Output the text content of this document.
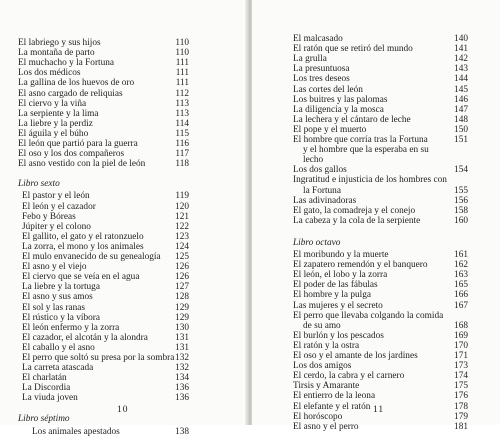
El labriego y sus hijos	110
La montaña de parto	110
El muchacho y la Fortuna	111
Los dos médicos	111
La gallina de los huevos de oro	111
El asno cargado de reliquias	112
El ciervo y la viña	113
La serpiente y la lima	113
La liebre y la perdiz	114
El águila y el búho	115
El león que partió para la guerra	116
El oso y los dos compañeros	117
El asno vestido con la piel de león	118
Libro sexto
El pastor y el león	119
El león y el cazador	120
Febo y Bóreas	121
Júpiter y el colono	122
El gallito, el gato y el ratonzuelo	123
La zorra, el mono y los animales	124
El mulo envanecido de su genealogía	125
El asno y el viejo	126
El ciervo que se veía en el agua	126
La liebre y la tortuga	127
El asno y sus amos	128
El sol y las ranas	129
El rústico y la víbora	129
El león enfermo y la zorra	130
El cazador, el alcotán y la alondra	131
El caballo y el asno	131
El perro que soltó su presa por la sombra 132
La carreta atascada	132
El charlatán	134
La Discordia	136
La viuda joven	136
Libro séptimo
Los animales apestados	138
10
El malcasado	140
El ratón que se retiró del mundo	141
La grulla	142
La presuntuosa	143
Los tres deseos	144
Las cortes del león	145
Los buitres y las palomas	146
La diligencia y la mosca	147
La lechera y el cántaro de leche	148
El pope y el muerto	150
El hombre que corría tras la Fortuna	151
y el hombre que la esperaba en su
lecho
Los dos gallos	154
Ingratitud e injusticia de los hombres con
la Fortuna	155
Las adivinadoras	156
El gato, la comadreja y el conejo	158
La cabeza y la cola de la serpiente	160
Libro octavo
El moribundo y la muerte	161
El zapatero remendón y el banquero	162
El león, el lobo y la zorra	163
El poder de las fábulas	165
El hombre y la pulga	166
Las mujeres y el secreto	167
El perro que llevaba colgando la comida
de su amo	168
El burlón y los pescados	169
El ratón y la ostra	170
El oso y el amante de los jardines	171
Los dos amigos	173
El cerdo, la cabra y el carnero	174
Tirsis y Amarante	175
El entierro de la leona	176
El elefante y el ratón	178
El horóscopo	179
El asno y el perro	181
11
